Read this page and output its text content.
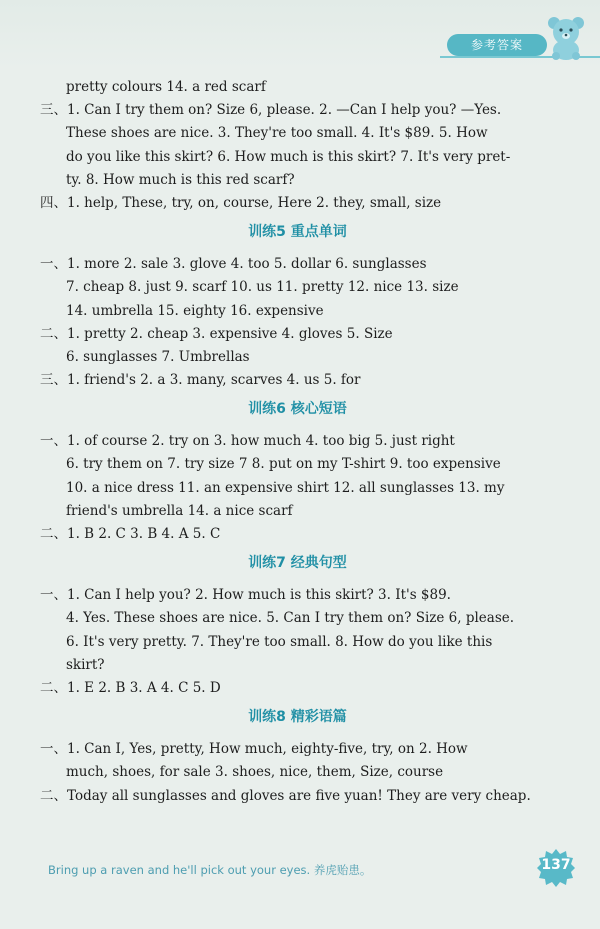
参考答案
pretty colours 14. a red scarf
三、1. Can I try them on? Size 6, please. 2. —Can I help you? —Yes.
These shoes are nice. 3. They're too small. 4. It's $89. 5. How
do you like this skirt? 6. How much is this skirt? 7. It's very pret-
ty. 8. How much is this red scarf?
四、1. help, These, try, on, course, Here 2. they, small, size
训练5 重点单词
一、1. more 2. sale 3. glove 4. too 5. dollar 6. sunglasses
7. cheap 8. just 9. scarf 10. us 11. pretty 12. nice 13. size
14. umbrella 15. eighty 16. expensive
二、1. pretty 2. cheap 3. expensive 4. gloves 5. Size
6. sunglasses 7. Umbrellas
三、1. friend's 2. a 3. many, scarves 4. us 5. for
训练6 核心短语
一、1. of course 2. try on 3. how much 4. too big 5. just right
6. try them on 7. try size 7 8. put on my T-shirt 9. too expensive
10. a nice dress 11. an expensive shirt 12. all sunglasses 13. my
friend's umbrella 14. a nice scarf
二、1. B 2. C 3. B 4. A 5. C
训练7 经典句型
一、1. Can I help you? 2. How much is this skirt? 3. It's $89.
4. Yes. These shoes are nice. 5. Can I try them on? Size 6, please.
6. It's very pretty. 7. They're too small. 8. How do you like this
skirt?
二、1. E 2. B 3. A 4. C 5. D
训练8 精彩语篇
一、1. Can I, Yes, pretty, How much, eighty-five, try, on 2. How
much, shoes, for sale 3. shoes, nice, them, Size, course
二、Today all sunglasses and gloves are five yuan! They are very cheap.
Bring up a raven and he'll pick out your eyes. 养虎贻患。	137
